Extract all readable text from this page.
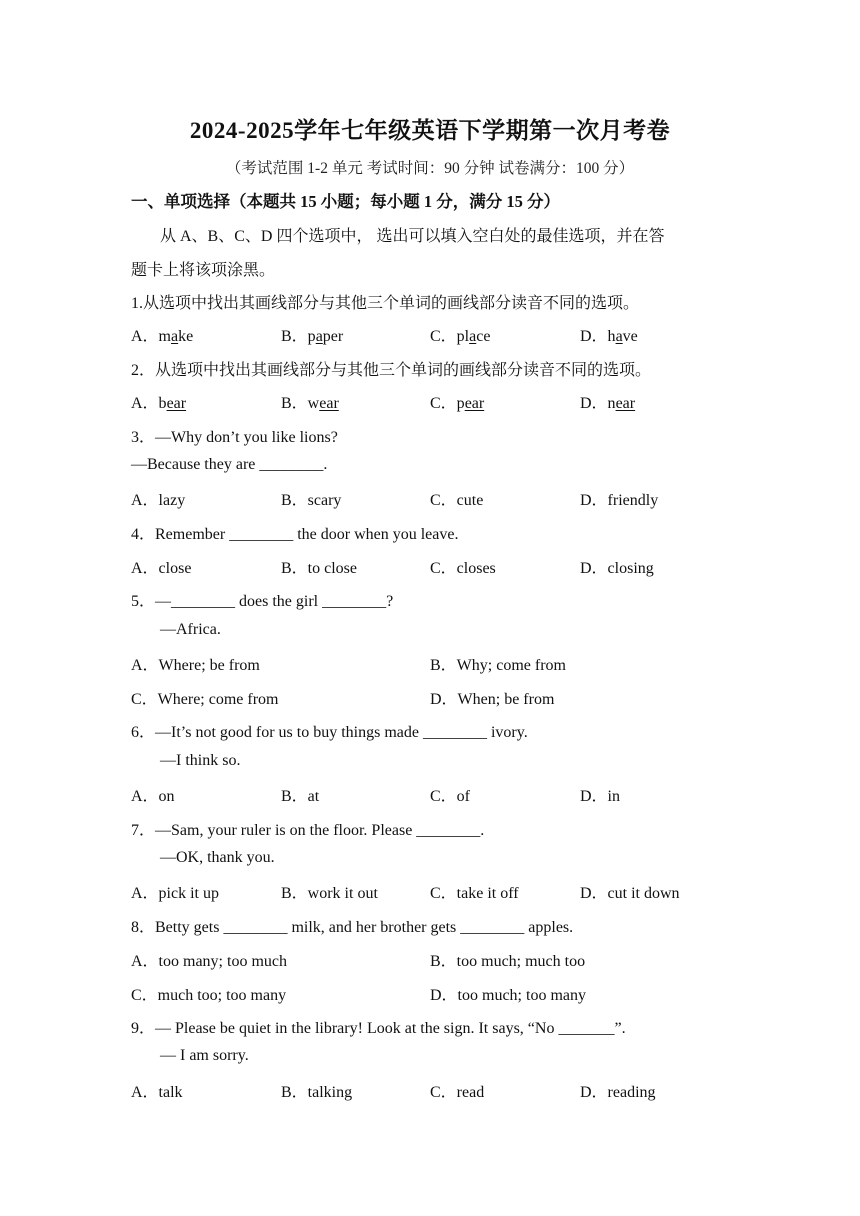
2024-2025学年七年级英语下学期第一次月考卷
（考试范围 1-2 单元 考试时间：90 分钟 试卷满分：100 分）
一、单项选择（本题共 15 小题；每小题 1 分，满分 15 分）
从 A、B、C、D 四个选项中， 选出可以填入空白处的最佳选项，并在答
题卡上将该项涂黑。
1.从选项中找出其画线部分与其他三个单词的画线部分读音不同的选项。
A．make	B．paper	C．place	D．have
2．从选项中找出其画线部分与其他三个单词的画线部分读音不同的选项。
A．bear	B．wear	C．pear	D．near
3．—Why don’t you like lions?
—Because they are ________.
A．lazy	B．scary	C．cute	D．friendly
4．Remember ________ the door when you leave.
A．close	B．to close	C．closes	D．closing
5．—________ does the girl ________?
—Africa.
A．Where; be from	B．Why; come from
C．Where; come from	D．When; be from
6．—It’s not good for us to buy things made ________ ivory.
—I think so.
A．on	B．at	C．of	D．in
7．—Sam, your ruler is on the floor. Please ________.
—OK, thank you.
A．pick it up	B．work it out	C．take it off	D．cut it down
8．Betty gets ________ milk, and her brother gets ________ apples.
A．too many; too much	B．too much; much too
C．much too; too many	D．too much; too many
9．— Please be quiet in the library! Look at the sign. It says, “No _______”.
— I am sorry.
A．talk	B．talking	C．read	D．reading
